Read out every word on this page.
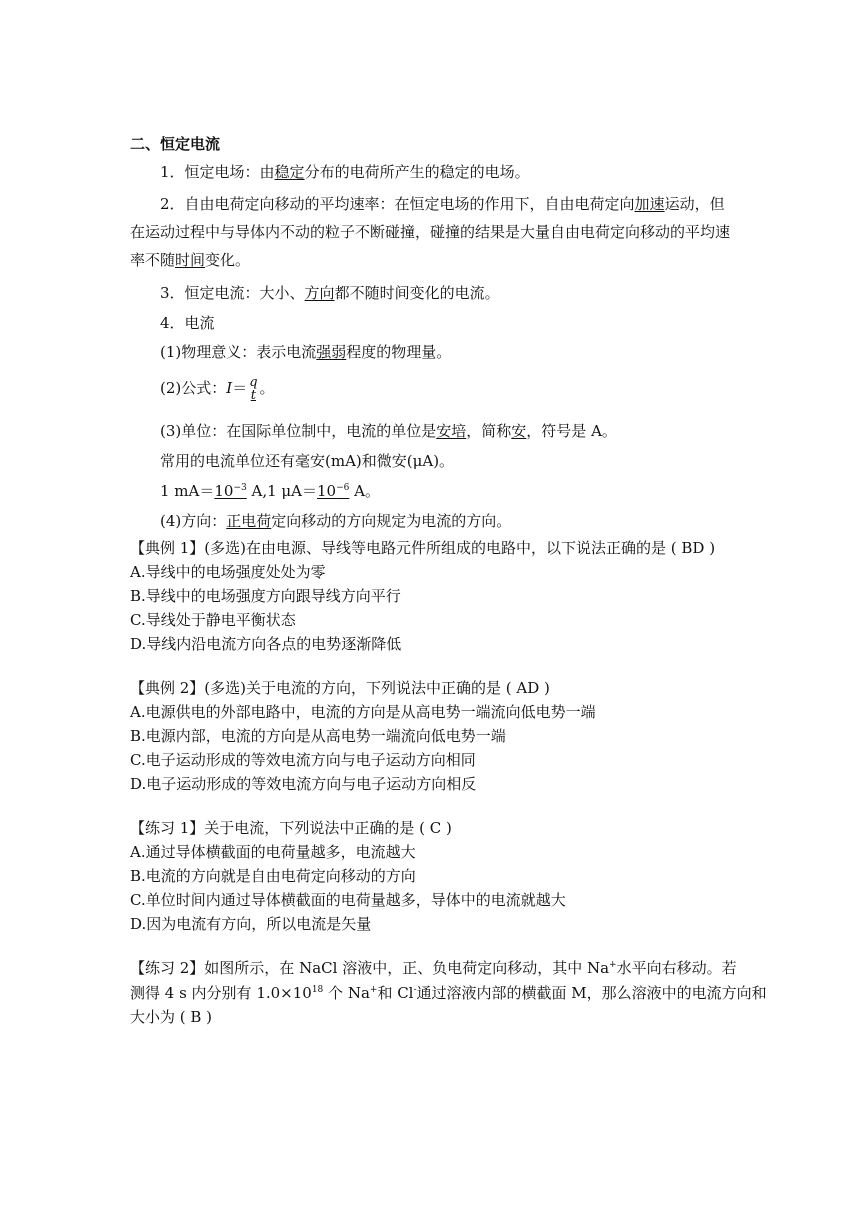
二、恒定电流
1．恒定电场：由稳定分布的电荷所产生的稳定的电场。
2．自由电荷定向移动的平均速率：在恒定电场的作用下，自由电荷定向加速运动，但
在运动过程中与导体内不动的粒子不断碰撞，碰撞的结果是大量自由电荷定向移动的平均速
率不随时间变化。
3．恒定电流：大小、方向都不随时间变化的电流。
4．电流
(1)物理意义：表示电流强弱程度的物理量。
(2)公式：I＝ q
t 。
(3)单位：在国际单位制中，电流的单位是安培，简称安，符号是 A。
常用的电流单位还有毫安(mA)和微安(μA)。
1 $mA=10^{-3}$ A,1 $\mu A=10^{-6}$ A。
(4)方向：正电荷定向移动的方向规定为电流的方向。
【典例 1】(多选)在由电源、导线等电路元件所组成的电路中，以下说法正确的是 ( BD )
A.导线中的电场强度处处为零
B.导线中的电场强度方向跟导线方向平行
C.导线处于静电平衡状态
D.导线内沿电流方向各点的电势逐渐降低
【典例 2】(多选)关于电流的方向，下列说法中正确的是 ( AD )
A.电源供电的外部电路中，电流的方向是从高电势一端流向低电势一端
B.电源内部，电流的方向是从高电势一端流向低电势一端
C.电子运动形成的等效电流方向与电子运动方向相同
D.电子运动形成的等效电流方向与电子运动方向相反
【练习 1】关于电流，下列说法中正确的是 ( C )
A.通过导体横截面的电荷量越多，电流越大
B.电流的方向就是自由电荷定向移动的方向
C.单位时间内通过导体横截面的电荷量越多，导体中的电流就越大
D.因为电流有方向，所以电流是矢量
【练习 2】如图所示，在 NaCl 溶液中，正、负电荷定向移动，其中 Na+水平向右移动。若
测得 4 s 内分别有 $1.0\times 10^{18}$ 个 Na+和 Cl-通过溶液内部的横截面 M，那么溶液中的电流方向和
大小为 ( B )
